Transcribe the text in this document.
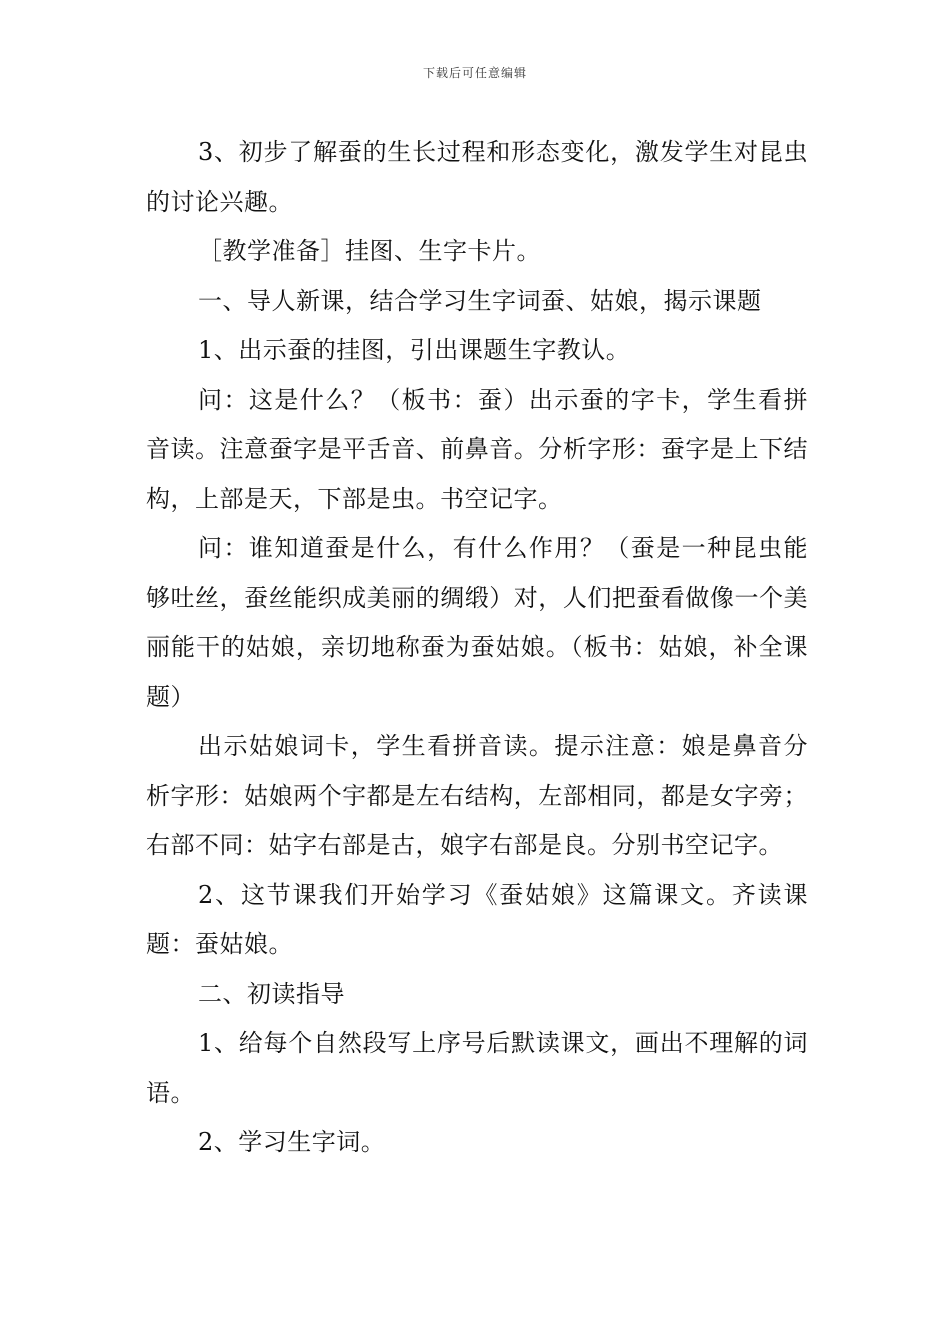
下载后可任意编辑

3、初步了解蚕的生长过程和形态变化，激发学生对昆虫的讨论兴趣。

［教学准备］挂图、生字卡片。

一、导人新课，结合学习生字词蚕、姑娘，揭示课题

1、出示蚕的挂图，引出课题生字教认。

问：这是什么？（板书：蚕）出示蚕的字卡，学生看拼音读。注意蚕字是平舌音、前鼻音。分析字形：蚕字是上下结构，上部是天，下部是虫。书空记字。

问：谁知道蚕是什么，有什么作用？（蚕是一种昆虫能够吐丝，蚕丝能织成美丽的绸缎）对，人们把蚕看做像一个美丽能干的姑娘，亲切地称蚕为蚕姑娘。（板书：姑娘，补全课题）

出示姑娘词卡，学生看拼音读。提示注意：娘是鼻音分析字形：姑娘两个宇都是左右结构，左部相同，都是女字旁；右部不同：姑字右部是古，娘字右部是良。分别书空记字。

2、这节课我们开始学习《蚕姑娘》这篇课文。齐读课题：蚕姑娘。

二、初读指导

1、给每个自然段写上序号后默读课文，画出不理解的词语。

2、学习生字词。
